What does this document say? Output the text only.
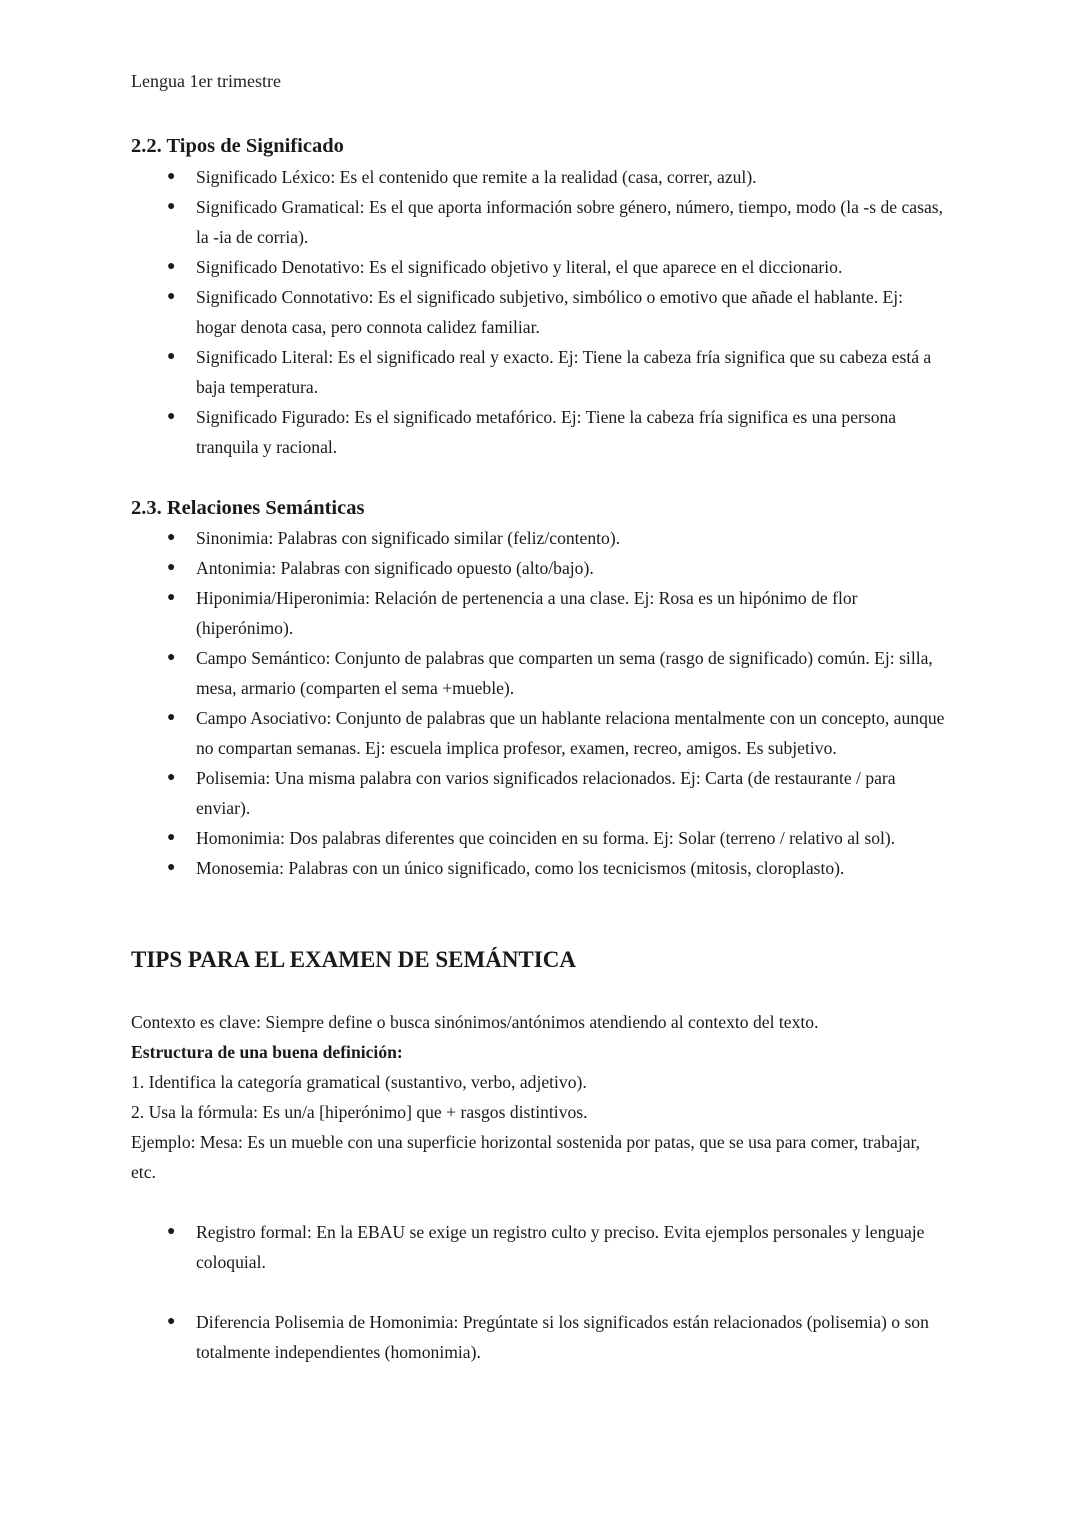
Lengua 1er trimestre
2.2. Tipos de Significado
● Significado Léxico: Es el contenido que remite a la realidad (casa, correr, azul).
● Significado Gramatical: Es el que aporta información sobre género, número, tiempo, modo (la -s de casas, la -ia de corria).
● Significado Denotativo: Es el significado objetivo y literal, el que aparece en el diccionario.
● Significado Connotativo: Es el significado subjetivo, simbólico o emotivo que añade el hablante. Ej: hogar denota casa, pero connota calidez familiar.
● Significado Literal: Es el significado real y exacto. Ej: Tiene la cabeza fría significa que su cabeza está a baja temperatura.
● Significado Figurado: Es el significado metafórico. Ej: Tiene la cabeza fría significa es una persona tranquila y racional.
2.3. Relaciones Semánticas
● Sinonimia: Palabras con significado similar (feliz/contento).
● Antonimia: Palabras con significado opuesto (alto/bajo).
● Hiponimia/Hiperonimia: Relación de pertenencia a una clase. Ej: Rosa es un hipónimo de flor (hiperónimo).
● Campo Semántico: Conjunto de palabras que comparten un sema (rasgo de significado) común. Ej: silla, mesa, armario (comparten el sema +mueble).
● Campo Asociativo: Conjunto de palabras que un hablante relaciona mentalmente con un concepto, aunque no compartan semanas. Ej: escuela implica profesor, examen, recreo, amigos. Es subjetivo.
● Polisemia: Una misma palabra con varios significados relacionados. Ej: Carta (de restaurante / para enviar).
● Homonimia: Dos palabras diferentes que coinciden en su forma. Ej: Solar (terreno / relativo al sol).
● Monosemia: Palabras con un único significado, como los tecnicismos (mitosis, cloroplasto).
TIPS PARA EL EXAMEN DE SEMÁNTICA
Contexto es clave: Siempre define o busca sinónimos/antónimos atendiendo al contexto del texto.
Estructura de una buena definición:
1. Identifica la categoría gramatical (sustantivo, verbo, adjetivo).
2. Usa la fórmula: Es un/a [hiperónimo] que + rasgos distintivos.
Ejemplo: Mesa: Es un mueble con una superficie horizontal sostenida por patas, que se usa para comer, trabajar, etc.
● Registro formal: En la EBAU se exige un registro culto y preciso. Evita ejemplos personales y lenguaje coloquial.
● Diferencia Polisemia de Homonimia: Pregúntate si los significados están relacionados (polisemia) o son totalmente independientes (homonimia).
